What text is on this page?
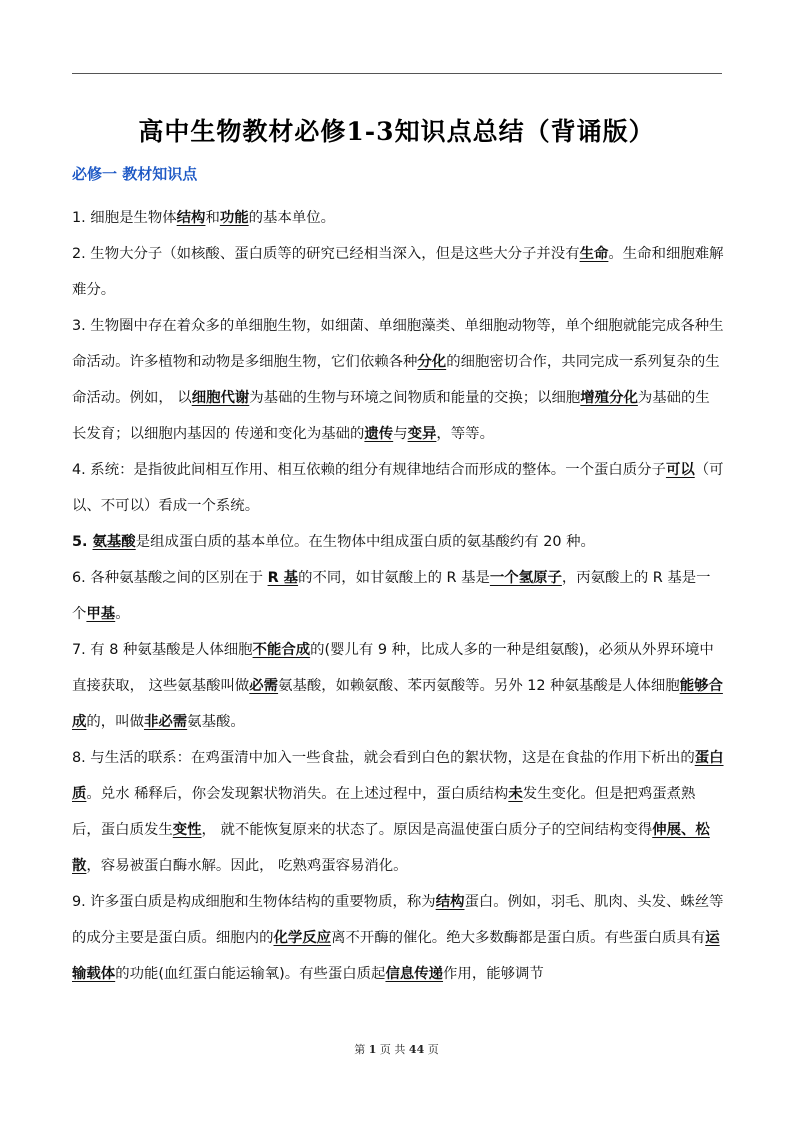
高中生物教材必修1-3知识点总结（背诵版）
必修一 教材知识点

1. 细胞是生物体结构和功能的基本单位。

2. 生物大分子（如核酸、蛋白质等的研究已经相当深入，但是这些大分子并没有生命。生命和细胞难解难分。

3. 生物圈中存在着众多的单细胞生物，如细菌、单细胞藻类、单细胞动物等，单个细胞就能完成各种生命活动。许多植物和动物是多细胞生物，它们依赖各种分化的细胞密切合作，共同完成一系列复杂的生命活动。例如， 以细胞代谢为基础的生物与环境之间物质和能量的交换；以细胞增殖分化为基础的生长发育；以细胞内基因的 传递和变化为基础的遗传与变异，等等。

4. 系统：是指彼此间相互作用、相互依赖的组分有规律地结合而形成的整体。一个蛋白质分子可以（可以、不可以）看成一个系统。

5. 氨基酸是组成蛋白质的基本单位。在生物体中组成蛋白质的氨基酸约有 20 种。

6. 各种氨基酸之间的区别在于 R 基的不同，如甘氨酸上的 R 基是一个氢原子，丙氨酸上的 R 基是一个甲基。

7. 有 8 种氨基酸是人体细胞不能合成的(婴儿有 9 种，比成人多的一种是组氨酸)，必须从外界环境中直接获取， 这些氨基酸叫做必需氨基酸，如赖氨酸、苯丙氨酸等。另外 12 种氨基酸是人体细胞能够合成的，叫做非必需氨基酸。

8. 与生活的联系：在鸡蛋清中加入一些食盐，就会看到白色的絮状物，这是在食盐的作用下析出的蛋白质。兑水 稀释后，你会发现絮状物消失。在上述过程中，蛋白质结构未发生变化。但是把鸡蛋煮熟后，蛋白质发生变性， 就不能恢复原来的状态了。原因是高温使蛋白质分子的空间结构变得伸展、松散，容易被蛋白酶水解。因此， 吃熟鸡蛋容易消化。

9. 许多蛋白质是构成细胞和生物体结构的重要物质，称为结构蛋白。例如，羽毛、肌肉、头发、蛛丝等的成分主要是蛋白质。细胞内的化学反应离不开酶的催化。绝大多数酶都是蛋白质。有些蛋白质具有运输载体的功能(血红蛋白能运输氧)。有些蛋白质起信息传递作用，能够调节

第 1 页 共 44 页
